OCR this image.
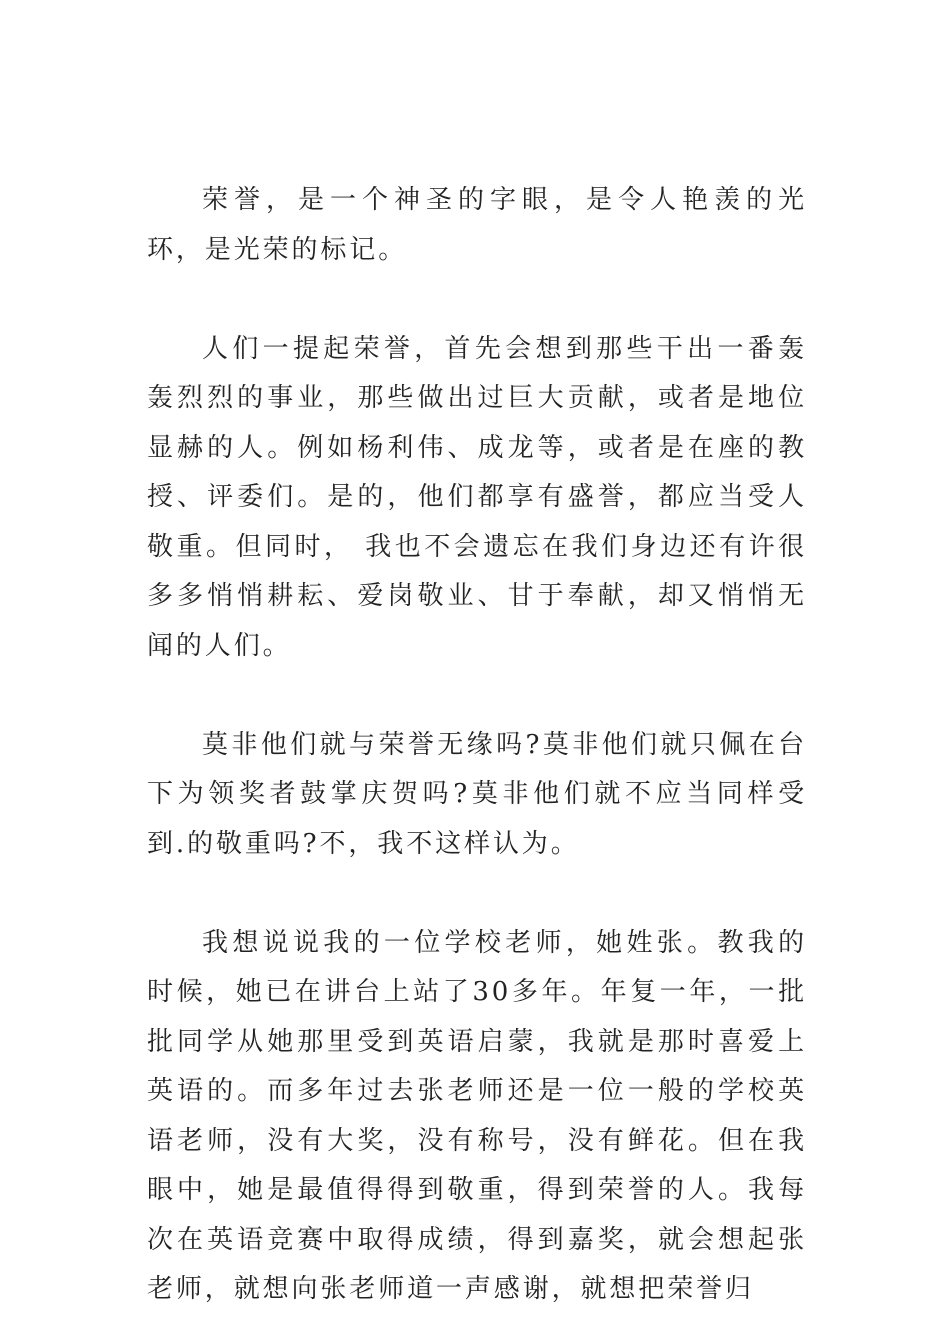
荣誉，是一个神圣的字眼，是令人艳羡的光环，是光荣的标记。

人们一提起荣誉，首先会想到那些干出一番轰轰烈烈的事业，那些做出过巨大贡献，或者是地位显赫的人。例如杨利伟、成龙等，或者是在座的教授、评委们。是的，他们都享有盛誉，都应当受人敬重。但同时， 我也不会遗忘在我们身边还有许很多多悄悄耕耘、爱岗敬业、甘于奉献，却又悄悄无闻的人们。

莫非他们就与荣誉无缘吗?莫非他们就只佩在台下为领奖者鼓掌庆贺吗?莫非他们就不应当同样受到.的敬重吗?不，我不这样认为。

我想说说我的一位学校老师，她姓张。教我的时候，她已在讲台上站了30多年。年复一年，一批批同学从她那里受到英语启蒙，我就是那时喜爱上英语的。而多年过去张老师还是一位一般的学校英语老师，没有大奖，没有称号，没有鲜花。但在我眼中，她是最值得得到敬重，得到荣誉的人。我每次在英语竞赛中取得成绩，得到嘉奖，就会想起张老师，就想向张老师道一声感谢，就想把荣誉归
